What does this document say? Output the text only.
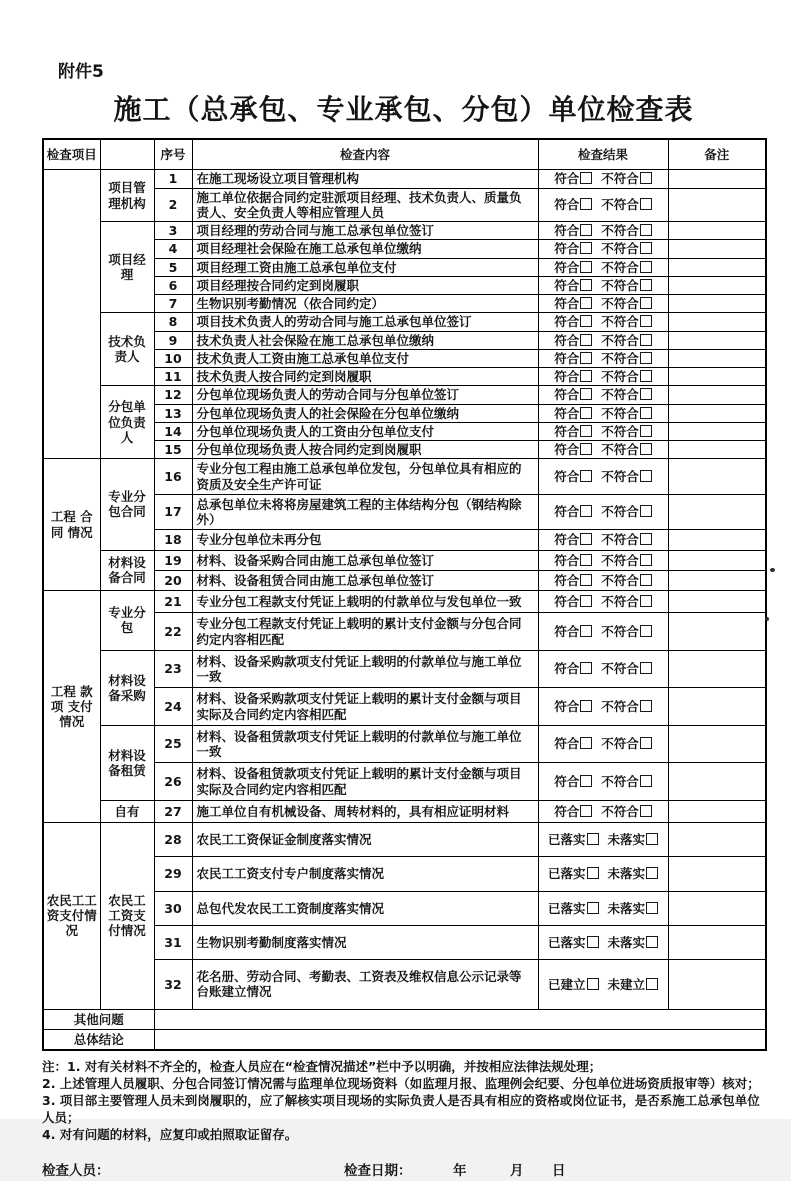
附件5
施工（总承包、专业承包、分包）单位检查表
检查项目		序号	检查内容	检查结果	备注
	项目管理机构	1	在施工现场设立项目管理机构	符合 不符合	
		2	施工单位依据合同约定驻派项目经理、技术负责人、质量负责人、安全负责人等相应管理人员	符合 不符合	
	项目经理	3	项目经理的劳动合同与施工总承包单位签订	符合 不符合	
		4	项目经理社会保险在施工总承包单位缴纳	符合 不符合	
		5	项目经理工资由施工总承包单位支付	符合 不符合	
		6	项目经理按合同约定到岗履职	符合 不符合	
		7	生物识别考勤情况（依合同约定）	符合 不符合	
	技术负责人	8	项目技术负责人的劳动合同与施工总承包单位签订	符合 不符合	
		9	技术负责人社会保险在施工总承包单位缴纳	符合 不符合	
		10	技术负责人工资由施工总承包单位支付	符合 不符合	
		11	技术负责人按合同约定到岗履职	符合 不符合	
	分包单位负责人	12	分包单位现场负责人的劳动合同与分包单位签订	符合 不符合	
		13	分包单位现场负责人的社会保险在分包单位缴纳	符合 不符合	
		14	分包单位现场负责人的工资由分包单位支付	符合 不符合	
		15	分包单位现场负责人按合同约定到岗履职	符合 不符合	
工程 合同 情况	专业分包合同	16	专业分包工程由施工总承包单位发包，分包单位具有相应的资质及安全生产许可证	符合 不符合	
		17	总承包单位未将将房屋建筑工程的主体结构分包（钢结构除外）	符合 不符合	
		18	专业分包单位未再分包	符合 不符合	
	材料设备合同	19	材料、设备采购合同由施工总承包单位签订	符合 不符合	
		20	材料、设备租赁合同由施工总承包单位签订	符合 不符合	
工程 款项 支付 情况	专业分包	21	专业分包工程款支付凭证上载明的付款单位与发包单位一致	符合 不符合	
		22	专业分包工程款支付凭证上载明的累计支付金额与分包合同约定内容相匹配	符合 不符合	
	材料设备采购	23	材料、设备采购款项支付凭证上载明的付款单位与施工单位一致	符合 不符合	
		24	材料、设备采购款项支付凭证上载明的累计支付金额与项目实际及合同约定内容相匹配	符合 不符合	
	材料设备租赁	25	材料、设备租赁款项支付凭证上载明的付款单位与施工单位一致	符合 不符合	
		26	材料、设备租赁款项支付凭证上载明的累计支付金额与项目实际及合同约定内容相匹配	符合 不符合	
	自有	27	施工单位自有机械设备、周转材料的，具有相应证明材料	符合 不符合	
农民工工资支付情况	农民工工资支付情况	28	农民工工资保证金制度落实情况	已落实 未落实	
		29	农民工工资支付专户制度落实情况	已落实 未落实	
		30	总包代发农民工工资制度落实情况	已落实 未落实	
		31	生物识别考勤制度落实情况	已落实 未落实	
		32	花名册、劳动合同、考勤表、工资表及维权信息公示记录等台账建立情况	已建立 未建立	
其他问题					
总体结论					
注：1. 对有关材料不齐全的，检查人员应在“检查情况描述”栏中予以明确，并按相应法律法规处理；
2. 上述管理人员履职、分包合同签订情况需与监理单位现场资料（如监理月报、监理例会纪要、分包单位进场资质报审等）核对；
3. 项目部主要管理人员未到岗履职的，应了解核实项目现场的实际负责人是否具有相应的资格或岗位证书，是否系施工总承包单位人员；
4. 对有问题的材料，应复印或拍照取证留存。
检查人员：	检查日期：	年	月 日
